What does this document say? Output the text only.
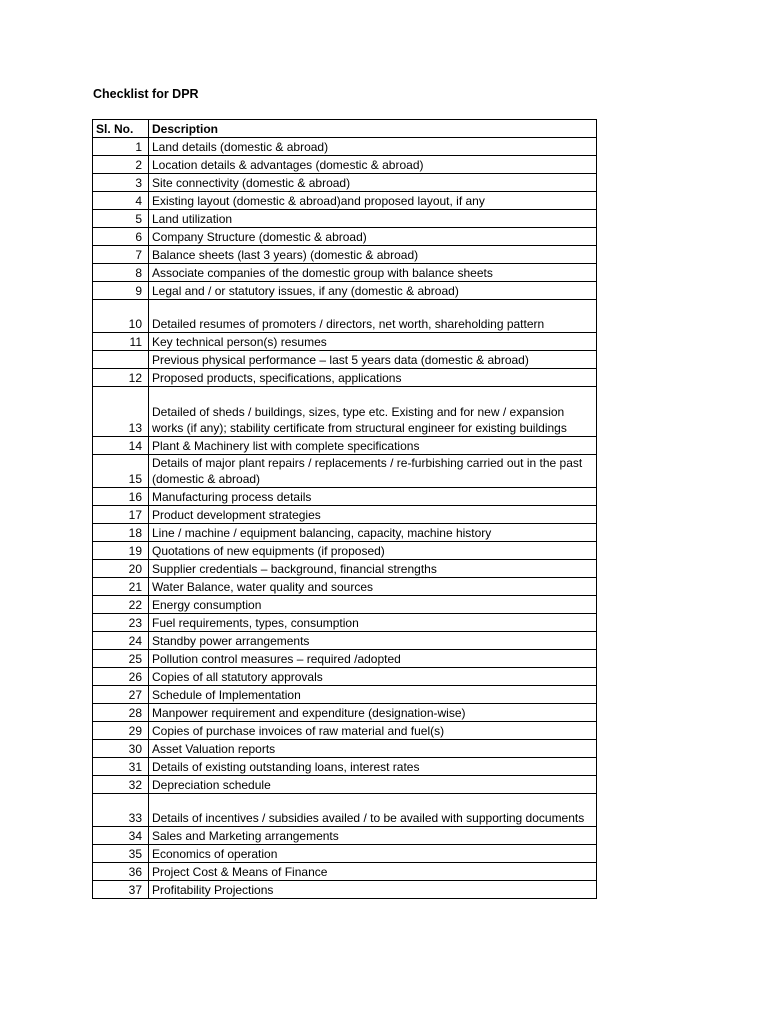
Checklist for DPR
Sl. No.	Description
1	Land details (domestic & abroad)
2	Location details & advantages (domestic & abroad)
3	Site connectivity (domestic & abroad)
4	Existing layout (domestic & abroad)and proposed layout, if any
5	Land utilization
6	Company Structure (domestic & abroad)
7	Balance sheets (last 3 years) (domestic & abroad)
8	Associate companies of the domestic group with balance sheets
9	Legal and / or statutory issues, if any (domestic & abroad)
10	Detailed resumes of promoters / directors, net worth, shareholding pattern
11	Key technical person(s) resumes
	Previous physical performance – last 5 years data (domestic & abroad)
12	Proposed products, specifications, applications
13	Detailed of sheds / buildings, sizes, type etc. Existing and for new / expansion works (if any); stability certificate from structural engineer for existing buildings
14	Plant & Machinery list with complete specifications
15	Details of major plant repairs / replacements / re-furbishing carried out in the past (domestic & abroad)
16	Manufacturing process details
17	Product development strategies
18	Line / machine / equipment balancing, capacity, machine history
19	Quotations of new equipments (if proposed)
20	Supplier credentials – background, financial strengths
21	Water Balance, water quality and sources
22	Energy consumption
23	Fuel requirements, types, consumption
24	Standby power arrangements
25	Pollution control measures – required /adopted
26	Copies of all statutory approvals
27	Schedule of Implementation
28	Manpower requirement and expenditure (designation-wise)
29	Copies of purchase invoices of raw material and fuel(s)
30	Asset Valuation reports
31	Details of existing outstanding loans, interest rates
32	Depreciation schedule
33	Details of incentives / subsidies availed / to be availed with supporting documents
34	Sales and Marketing arrangements
35	Economics of operation
36	Project Cost & Means of Finance
37	Profitability Projections
